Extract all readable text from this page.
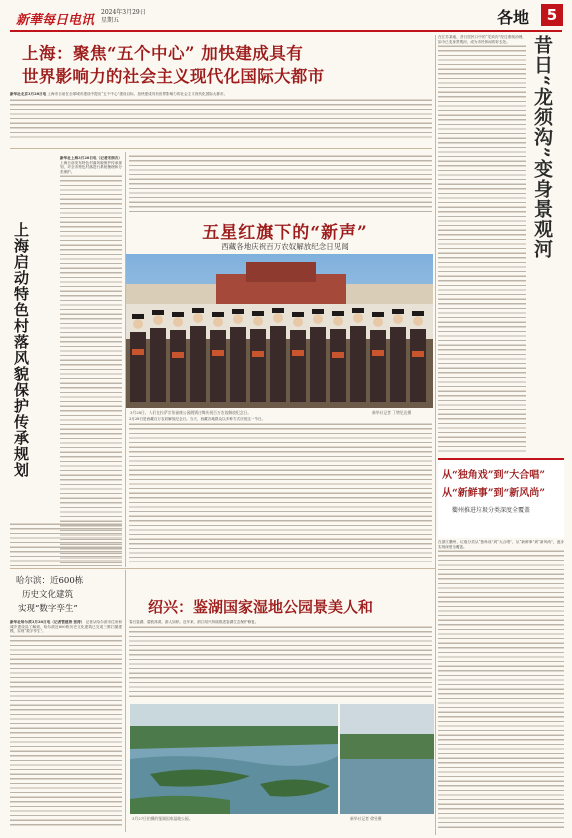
新華每日电讯
2024年3月29日
星期五	各地	5
上海：聚焦“五个中心” 加快建成具有
世界影响力的社会主义现代化国际大都市	昔日“龙须沟”变身景观河
新华社北京3月28日电 上海市日前在全球城市建设中提出“五个中心”建设目标，加快建成具有世界影响力的社会主义现代化国际大都市。
上海启动特色村落风貌保护传承规划
新华社上海3月28日电（记者宋润吉） 上海日前发布特色村落风貌保护传承规划，对全市特色村落进行系统梳理和分类保护。
五星红旗下的“新声”
西藏各地庆祝百万农奴解放纪念日见闻
3月28日，人们在拉萨宗角禄康公园跳锅庄舞庆祝百万农奴解放纪念日。	新华社记者 丁增尼达摄
3月28日是西藏百万农奴解放纪念日。当天，西藏各地群众以多种方式庆祝这一节日。
在江苏某地，昔日居民口中的“龙须沟”经过系统治理，如今已变身景观河，成为市民休闲的好去处。
从“独角戏”到“大合唱”
从“新鲜事”到“新风尚”
衢州推进垃圾分类深度全覆盖
在浙江衢州，垃圾分类从“独角戏”到“大合唱”，从“新鲜事”到“新风尚”，逐步实现深度全覆盖。
哈尔滨：近600栋
历史文化建筑
实现“数字孪生”
新华社哈尔滨3月28日电（记者管建涛 张涛） 记者从哈尔滨市住房和城乡建设局了解到，哈尔滨近600栋历史文化建筑已完成三维扫描建模，实现“数字孪生”。
绍兴：鉴湖国家湿地公园景美人和
春日鉴湖，碧波荡漾，游人如织。近年来，浙江绍兴持续推进鉴湖生态保护修复。
3月27日拍摄的鉴湖国家湿地公园。	新华社记者 徐昱摄
